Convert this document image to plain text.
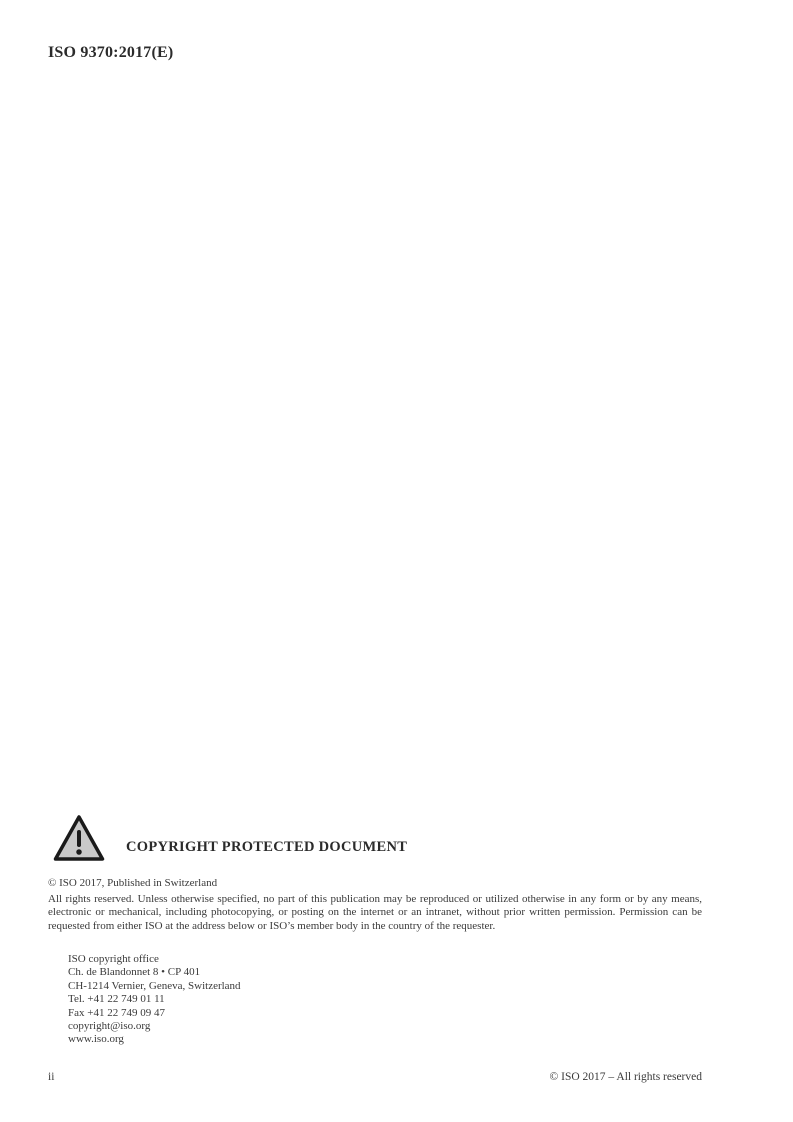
ISO 9370:2017(E)
COPYRIGHT PROTECTED DOCUMENT
© ISO 2017, Published in Switzerland
All rights reserved. Unless otherwise specified, no part of this publication may be reproduced or utilized otherwise in any form or by any means, electronic or mechanical, including photocopying, or posting on the internet or an intranet, without prior written permission. Permission can be requested from either ISO at the address below or ISO’s member body in the country of the requester.
ISO copyright office
Ch. de Blandonnet 8 • CP 401
CH-1214 Vernier, Geneva, Switzerland
Tel. +41 22 749 01 11
Fax +41 22 749 09 47
copyright@iso.org
www.iso.org
ii	© ISO 2017 – All rights reserved
